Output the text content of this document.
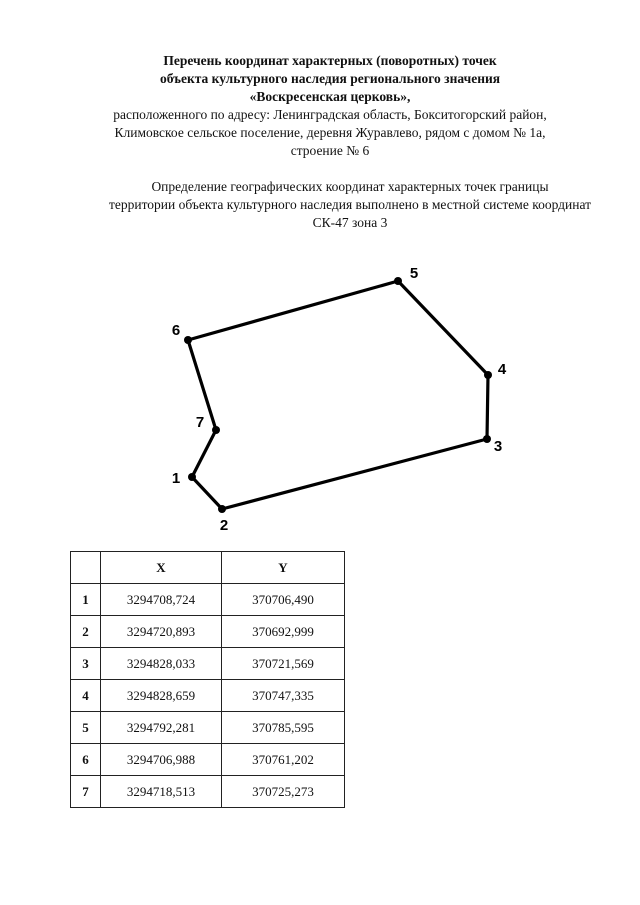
Перечень координат характерных (поворотных) точек
объекта культурного наследия регионального значения
«Воскресенская церковь»,
расположенного по адресу: Ленинградская область, Бокситогорский район,
Климовское сельское поселение, деревня Журавлево, рядом с домом № 1а,
строение № 6
Определение географических координат характерных точек границы
территории объекта культурного наследия выполнено в местной системе координат
СК-47 зона 3
1
2
3
4
5
6
7
	X	Y
1	3294708,724	370706,490
2	3294720,893	370692,999
3	3294828,033	370721,569
4	3294828,659	370747,335
5	3294792,281	370785,595
6	3294706,988	370761,202
7	3294718,513	370725,273
